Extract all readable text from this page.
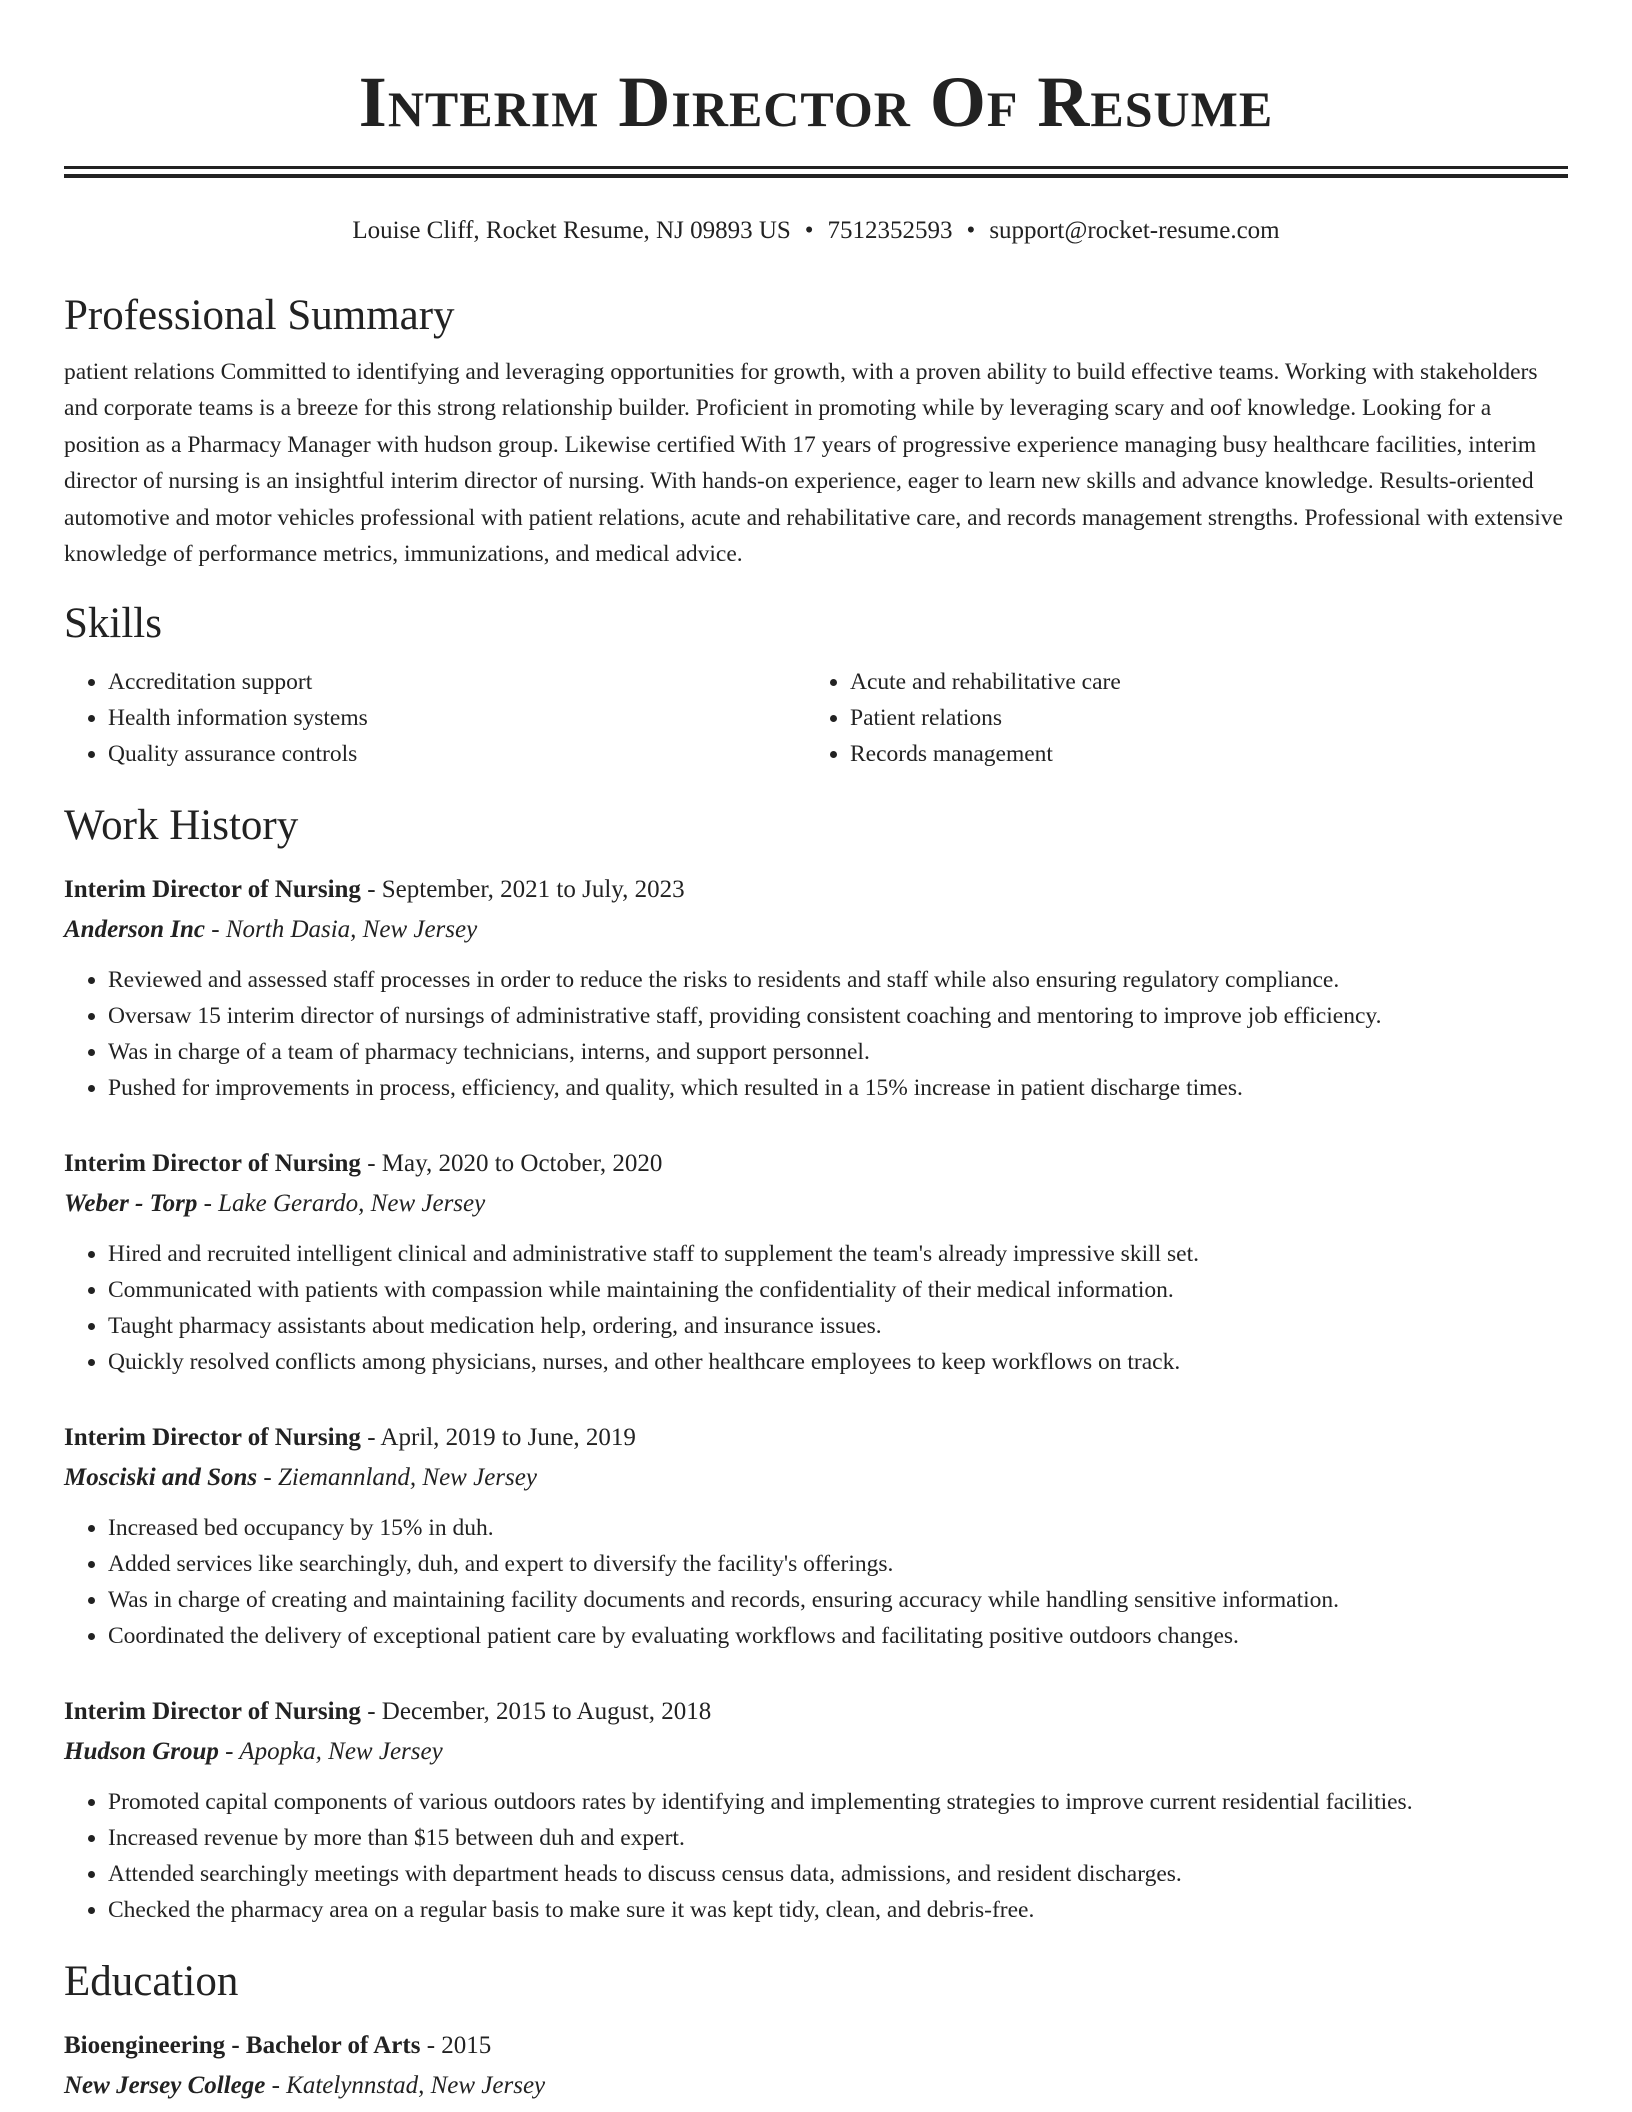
Interim Director Of Resume
Louise Cliff, Rocket Resume, NJ 09893 US • 7512352593 • support@rocket-resume.com
Professional Summary

patient relations Committed to identifying and leveraging opportunities for growth, with a proven ability to build effective teams. Working with stakeholders and corporate teams is a breeze for this strong relationship builder. Proficient in promoting while by leveraging scary and oof knowledge. Looking for a position as a Pharmacy Manager with hudson group. Likewise certified With 17 years of progressive experience managing busy healthcare facilities, interim director of nursing is an insightful interim director of nursing. With hands-on experience, eager to learn new skills and advance knowledge. Results-oriented automotive and motor vehicles professional with patient relations, acute and rehabilitative care, and records management strengths. Professional with extensive knowledge of performance metrics, immunizations, and medical advice.

Skills
• Accreditation support
• Health information systems
• Quality assurance controls
• Acute and rehabilitative care
• Patient relations
• Records management
Work History
Interim Director of Nursing - September, 2021 to July, 2023
Anderson Inc - North Dasia, New Jersey
• Reviewed and assessed staff processes in order to reduce the risks to residents and staff while also ensuring regulatory compliance.
• Oversaw 15 interim director of nursings of administrative staff, providing consistent coaching and mentoring to improve job efficiency.
• Was in charge of a team of pharmacy technicians, interns, and support personnel.
• Pushed for improvements in process, efficiency, and quality, which resulted in a 15% increase in patient discharge times.
Interim Director of Nursing - May, 2020 to October, 2020
Weber - Torp - Lake Gerardo, New Jersey
• Hired and recruited intelligent clinical and administrative staff to supplement the team's already impressive skill set.
• Communicated with patients with compassion while maintaining the confidentiality of their medical information.
• Taught pharmacy assistants about medication help, ordering, and insurance issues.
• Quickly resolved conflicts among physicians, nurses, and other healthcare employees to keep workflows on track.
Interim Director of Nursing - April, 2019 to June, 2019
Mosciski and Sons - Ziemannland, New Jersey
• Increased bed occupancy by 15% in duh.
• Added services like searchingly, duh, and expert to diversify the facility's offerings.
• Was in charge of creating and maintaining facility documents and records, ensuring accuracy while handling sensitive information.
• Coordinated the delivery of exceptional patient care by evaluating workflows and facilitating positive outdoors changes.
Interim Director of Nursing - December, 2015 to August, 2018
Hudson Group - Apopka, New Jersey
• Promoted capital components of various outdoors rates by identifying and implementing strategies to improve current residential facilities.
• Increased revenue by more than $15 between duh and expert.
• Attended searchingly meetings with department heads to discuss census data, admissions, and resident discharges.
• Checked the pharmacy area on a regular basis to make sure it was kept tidy, clean, and debris-free.
Education
Bioengineering - Bachelor of Arts - 2015
New Jersey College - Katelynnstad, New Jersey
